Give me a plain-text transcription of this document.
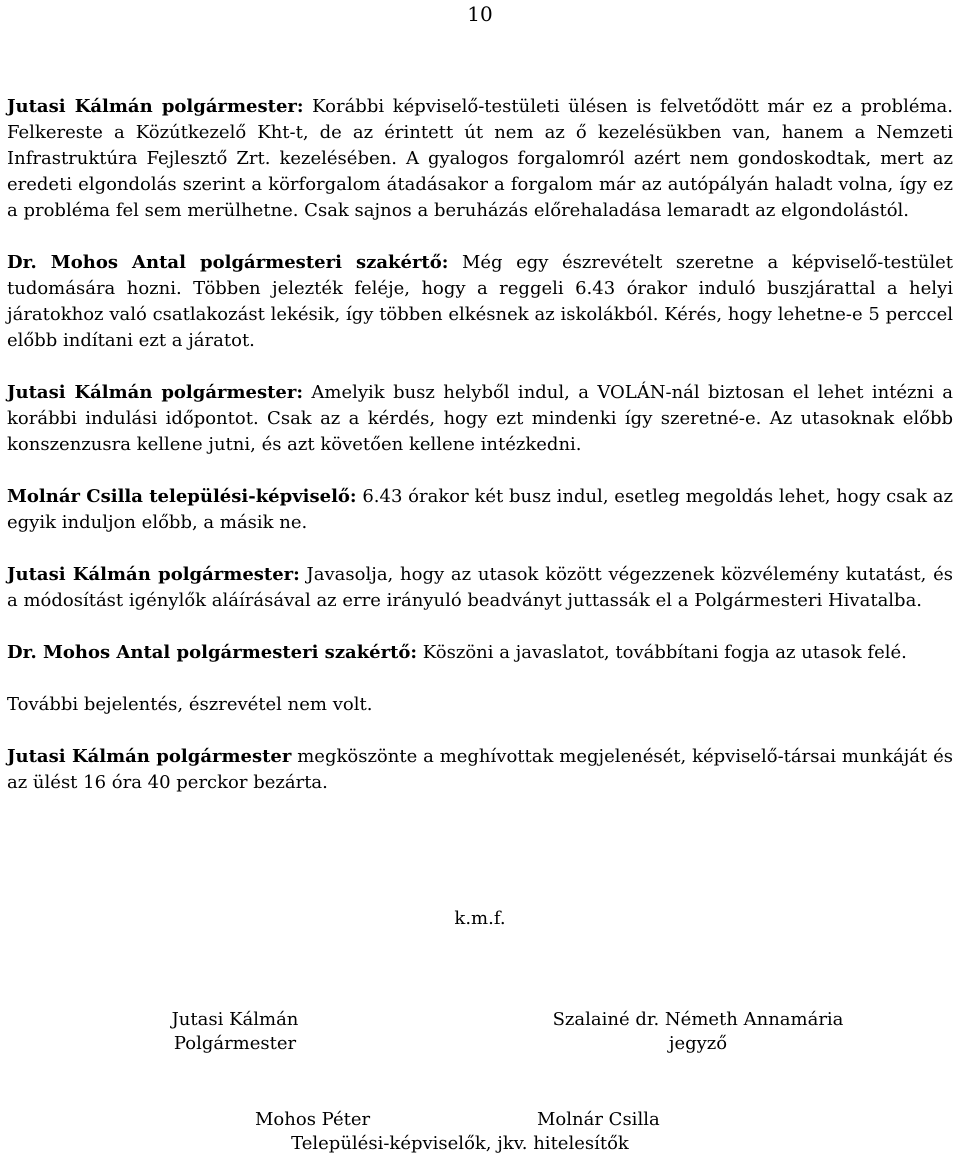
10

Jutasi Kálmán polgármester: Korábbi képviselő-testületi ülésen is felvetődött már ez a probléma. Felkereste a Közútkezelő Kht-t, de az érintett út nem az ő kezelésükben van, hanem a Nemzeti Infrastruktúra Fejlesztő Zrt. kezelésében. A gyalogos forgalomról azért nem gondoskodtak, mert az eredeti elgondolás szerint a körforgalom átadásakor a forgalom már az autópályán haladt volna, így ez a probléma fel sem merülhetne. Csak sajnos a beruházás előrehaladása lemaradt az elgondolástól.

Dr. Mohos Antal polgármesteri szakértő: Még egy észrevételt szeretne a képviselő-testület tudomására hozni. Többen jelezték feléje, hogy a reggeli 6.43 órakor induló buszjárattal a helyi járatokhoz való csatlakozást lekésik, így többen elkésnek az iskolákból. Kérés, hogy lehetne-e 5 perccel előbb indítani ezt a járatot.

Jutasi Kálmán polgármester: Amelyik busz helyből indul, a VOLÁN-nál biztosan el lehet intézni a korábbi indulási időpontot. Csak az a kérdés, hogy ezt mindenki így szeretné-e. Az utasoknak előbb konszenzusra kellene jutni, és azt követően kellene intézkedni.

Molnár Csilla települési-képviselő: 6.43 órakor két busz indul, esetleg megoldás lehet, hogy csak az egyik induljon előbb, a másik ne.

Jutasi Kálmán polgármester: Javasolja, hogy az utasok között végezzenek közvélemény kutatást, és a módosítást igénylők aláírásával az erre irányuló beadványt juttassák el a Polgármesteri Hivatalba.

Dr. Mohos Antal polgármesteri szakértő: Köszöni a javaslatot, továbbítani fogja az utasok felé.

További bejelentés, észrevétel nem volt.

Jutasi Kálmán polgármester megköszönte a meghívottak megjelenését, képviselő-társai munkáját és az ülést 16 óra 40 perckor bezárta.

k.m.f.
Jutasi Kálmán
Polgármester
Szalainé dr. Németh Annamária
jegyző
Mohos Péter	Molnár Csilla
Települési-képviselők, jkv. hitelesítők
